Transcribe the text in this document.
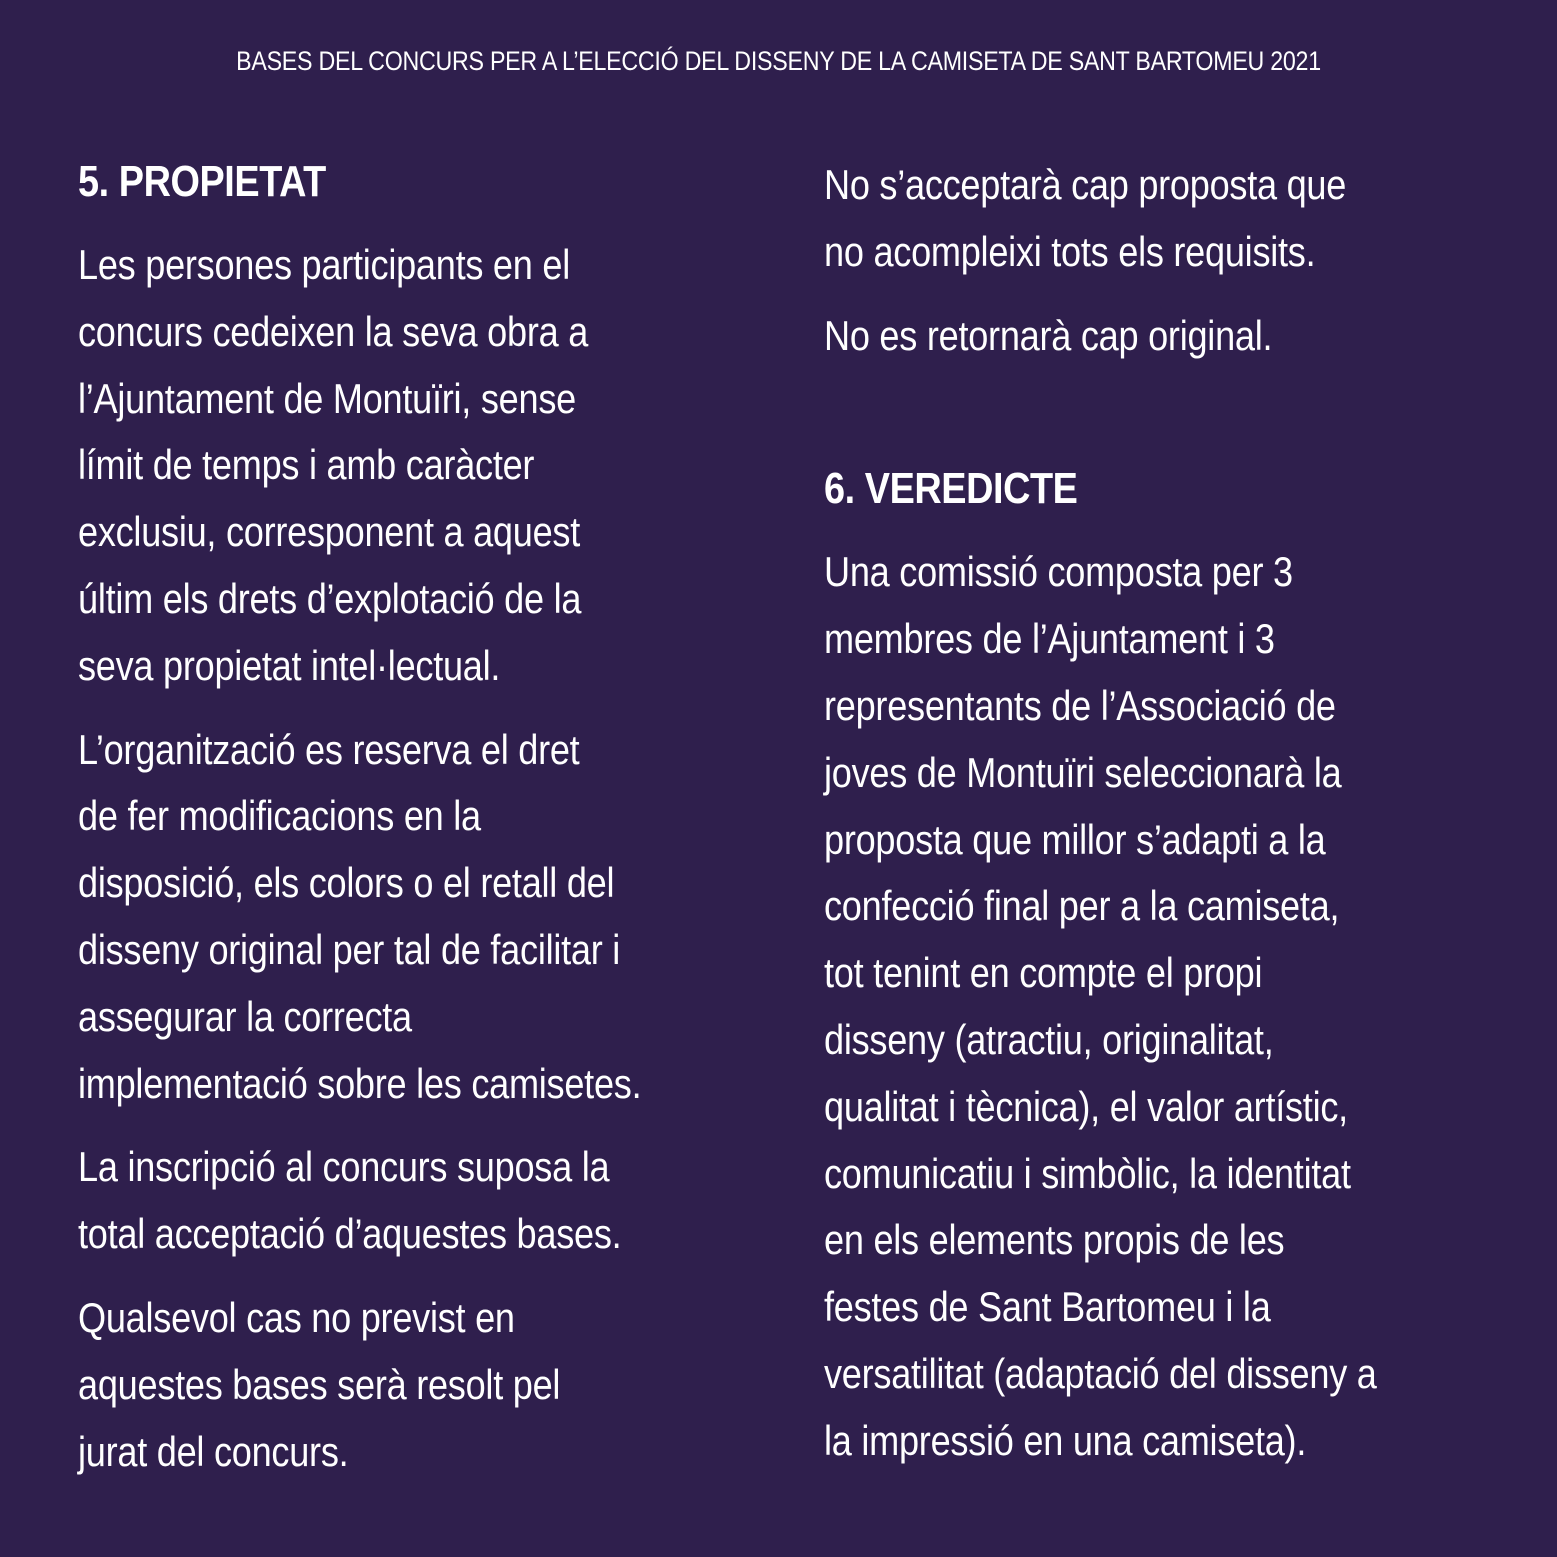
BASES DEL CONCURS PER A L’ELECCIÓ DEL DISSENY DE LA CAMISETA DE SANT BARTOMEU 2021
5. PROPIETAT

Les persones participants en el
concurs cedeixen la seva obra a
l’Ajuntament de Montuïri, sense
límit de temps i amb caràcter
exclusiu, corresponent a aquest
últim els drets d’explotació de la
seva propietat intel·lectual.

L’organització es reserva el dret
de fer modificacions en la
disposició, els colors o el retall del
disseny original per tal de facilitar i
assegurar la correcta
implementació sobre les camisetes.

La inscripció al concurs suposa la
total acceptació d’aquestes bases.

Qualsevol cas no previst en
aquestes bases serà resolt pel
jurat del concurs.

No s’acceptarà cap proposta que
no acompleixi tots els requisits.

No es retornarà cap original.

6. VEREDICTE

Una comissió composta per 3
membres de l’Ajuntament i 3
representants de l’Associació de
joves de Montuïri seleccionarà la
proposta que millor s’adapti a la
confecció final per a la camiseta,
tot tenint en compte el propi
disseny (atractiu, originalitat,
qualitat i tècnica), el valor artístic,
comunicatiu i simbòlic, la identitat
en els elements propis de les
festes de Sant Bartomeu i la
versatilitat (adaptació del disseny a
la impressió en una camiseta).
